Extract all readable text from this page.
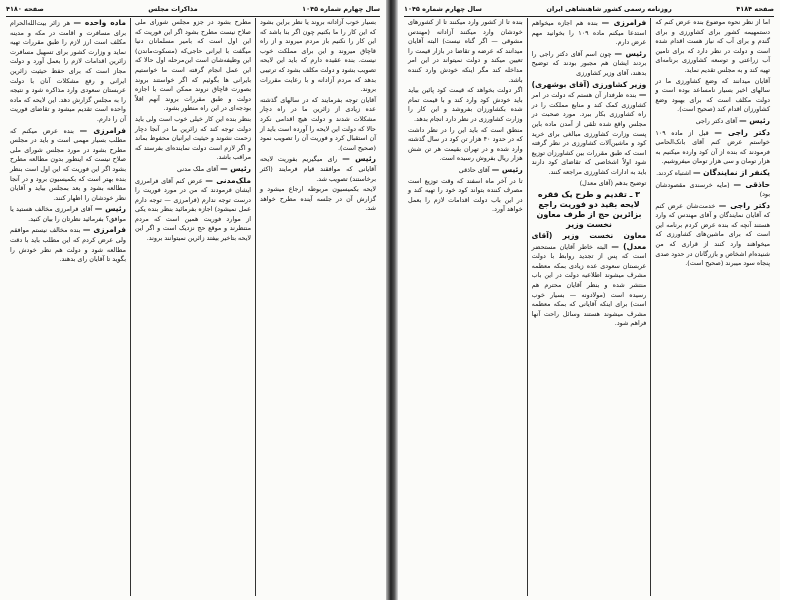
سال چهارم شماره ۱۰۴۵
مذاکرات مجلس
صفحه ۴۱۸۰

بسیار خوب آزادانه بروند یا نظر براین بشود که این کار را ما بکنیم چون اگر بنا باشد که این کار را نکنیم باز مردم میروند و از راه قاچاق میروند و این برای مملکت خوب نیست. بنده عقیده دارم که باید این لایحه تصویب بشود و دولت مکلف بشود که ترتیبی بدهد که مردم آزادانه و با رعایت مقررات بروند.

آقایان توجه بفرمایند که در سالهای گذشته عده زیادی از زائرین ما در راه دچار مشکلات شدند و دولت هیچ اقدامی نکرد حالا که دولت این لایحه را آورده است باید از آن استقبال کرد و فوریت آن را تصویب نمود (صحیح است).

رئیس — رای میگیریم بفوریت لایحه آقایانی که موافقند قیام فرمایند (اکثر برخاستند) تصویب شد.

لایحه بکمیسیون مربوطه ارجاع میشود و گزارش آن در جلسه آینده مطرح خواهد شد.

مطرح بشود در جزو مجلس شورای ملی صلاح نیست مطرح بشود اگر این فوریت که این اول است که بامیر مسلمانان دنیا میگفت با ایرانی حاجی‌که (مسکوت‌ماندن) این وظیفه‌شان است این‌مرحله اول حالا که این عمل انجام گرفته است ما خواستیم بایرانی ها بگوئیم که اگر خواستند بروند بصورت قاچاق نروند ممکن است با اجازه دولت و طبق مقررات بروند آنهم اقلاً بودجه‌ای در این راه منظور بشود.

بنظر بنده این کار خیلی خوب است ولی باید دولت توجه کند که زائرین ما در آنجا دچار زحمت نشوند و حیثیت ایرانیان محفوظ بماند و اگر لازم است دولت نماینده‌ای بفرستد که مراقب باشد.

رئیس — آقای ملک مدنی

ملک‌مدنی — عرض کنم آقای فرامرزی ایشان فرمودند که من در مورد فوریت را درست توجه ندارم (فرامرزی — توجه دارم عمل نمیشود) اجازه بفرمائید بنظر بنده یکی از موارد فوریت همین است که مردم منتظرند و موقع حج نزدیک است و اگر این لایحه بتاخیر بیفتد زائرین نمیتوانند بروند.

ماده واحده — هر زائر بیت‌الله‌الحرام برای مسافرت و اقامت در مکه و مدینه مکلف است ارز لازم را طبق مقررات تهیه نماید و وزارت کشور برای تسهیل مسافرت زائرین اقدامات لازم را بعمل آورد و دولت مجاز است که برای حفظ حیثیت زائرین ایرانی و رفع مشکلات آنان با دولت عربستان سعودی وارد مذاکره شود و نتیجه را به مجلس گزارش دهد. این لایحه که ماده واحده است تقدیم میشود و تقاضای فوریت آن را دارم.

فرامرزی — بنده عرض میکنم که مطلب بسیار مهمی است و باید در مجلس مطرح بشود در مورد مجلس شورای ملی صلاح نیست که اینطور بدون مطالعه مطرح بشود اگر این فوریت که این اول است بنظر بنده بهتر است که بکمیسیون برود و در آنجا مطالعه بشود و بعد بمجلس بیاید و آقایان نظر خودشان را اظهار کنند.

رئیس — آقای فرامرزی مخالف هستید یا موافق؟ بفرمائید نظرتان را بیان کنید.

فرامرزی — بنده مخالف نیستم موافقم ولی عرض کردم که این مطلب باید با دقت مطالعه شود و دولت هم نظر خودش را بگوید تا آقایان رای بدهند.

صفحه ۴۱۸۴
روزنامه رسمی کشور شاهنشاهی ایران
سال چهارم شماره ۱۰۴۵

اما از نظر نحوه موضوع بنده عرض کنم که دستمهیمه کشور برای کشاورزی و برای گندم و برای آب که نیاز هست اقدام شده است و دولت در نظر دارد که برای تامین آب زراعتی و توسعه کشاورزی برنامه‌ای تهیه کند و به مجلس تقدیم نماید.

آقایان میدانند که وضع کشاورزی ما در سالهای اخیر بسیار نامساعد بوده است و دولت مکلف است که برای بهبود وضع کشاورزان اقدام کند (صحیح است).

رئیس — آقای دکتر راجی

دکتر راجی — قبل از ماده ۱۰۹ خواستم عرض کنم آقای بانک‌الحامی فرمودند که بنده از آن کود وارده میکنیم به هزار تومان و سی هزار تومان میفروشیم.

یکنفر از نمایندگان — اشتباه کردند.

حاذقی — (مایه خرسندی مقصودشان بود)

دکتر راجی — خدمت‌شان عرض کنم که آقایان نمایندگان و آقای مهندس که وارد هستند آنچه که بنده عرض کردم برنامه این است که برای ماشین‌های کشاورزی که میخواهند وارد کنند از قراری که من شنیده‌ام اشخاص و بازرگانان در حدود صدی پنجاه سود میبرند (صحیح است).

فرامرزی — بنده هم اجازه میخواهم استدعا میکنم ماده ۱۰۹ را بخوانید مهم عرض دارم.

رئیس — چون اسم آقای دکتر راجی را بردند ایشان هم مجبور بودند که توضیح بدهند، آقای وزیر کشاورزی

وزیر کشاورزی (آقای بوشهری) — بنده طرفدار آن هستم که دولت در امر کشاورزی کمک کند و منابع مملکت را در راه کشاورزی بکار ببرد. مورد صحبت در مجلس واقع شده تلقی از آمدن ماده باین پست وزارت کشاورزی مبالغی برای خرید کود و ماشین‌آلات کشاورزی در نظر گرفته است که طبق مقررات بین کشاورزان توزیع شود اولاً اشخاصی که تقاضای کود دارند باید به ادارات کشاورزی مراجعه کنند.

توضیح بدهم (آقای معدل)

۳ ـ تقدیم و طرح یک فقره لایحه بقید دو فوریت راجع بزائرین حج از طرف معاون نخست وزیر

معاون نخست وزیر (آقای معدل) — البته خاطر آقایان مستحضر است که پس از تجدید روابط با دولت عربستان سعودی عده زیادی بمکه معظمه مشرف میشوند اطلاعیه دولت در این باب منتشر شده و بنظر آقایان محترم هم رسیده است (مولادونه — بسیار خوب است) برای اینکه آقایانی که بمکه معظمه مشرف میشوند هستند وسائل راحت آنها فراهم شود.

بنده تا از کشور وارد میکنند تا از کشورهای خودشان وارد میکنند آزادانه (مهندس مشوقی — اگر گناه نیست) البته آقایان میدانند که عرضه و تقاضا در بازار قیمت را تعیین میکند و دولت نمیتواند در این امر مداخله کند مگر اینکه خودش وارد کننده باشد.

اگر دولت بخواهد که قیمت کود پائین بیاید باید خودش کود وارد کند و با قیمت تمام شده بکشاورزان بفروشد و این کار را وزارت کشاورزی در نظر دارد انجام بدهد.

منطق است که باید این را در نظر داشت که در حدود ۴۰ هزار تن کود در سال گذشته وارد شده و در تهران بقیمت هر تن شش هزار ریال بفروش رسیده است.

رئیس — آقای حاذقی

تا در آخر ماه اسفند که وقت توزیع است مصرف کننده بتواند کود خود را تهیه کند و در این باب دولت اقدامات لازم را بعمل خواهد آورد.
